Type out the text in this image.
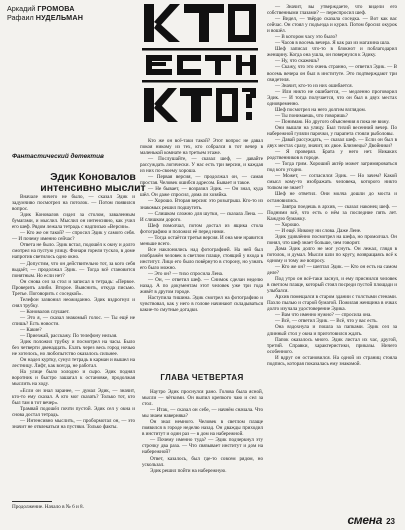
Аркадий ГРОМОВА
Рафаил НУДЕЛЬМАН
Фантастический детектив
Эдик Коновалов
интенсивно мыслит

Вначале ничего не было, — сказал Эдик и задумчиво посмотрел на потолок. — Потом появился вопрос.

Эдик Коновалов сидел за столом, заваленным бумагами, и мыслил. Мыслил он интенсивно, как учил его шеф. Рядом лежала тетрадь с надписью «Версии».

— Кто же он такой? — спросил Эдик у самого себя. — И почему именно сейчас?

Ответа не было. Эдик встал, подошёл к окну и долго смотрел на пустую улицу. Фонари горели тускло, в доме напротив светилось одно окно.

— Допустим, что он действительно тот, за кого себя выдаёт, — продолжал Эдик. — Тогда всё становится понятным. Но если нет?

Он снова сел за стол и записал в тетрадь: «Первое. Проверить алиби. Второе. Выяснить, откуда письмо. Третье. Поговорить с соседкой».

Телефон зазвонил неожиданно. Эдик вздрогнул и снял трубку.

— Коновалов слушает.

— Это я, — сказал знакомый голос. — Ты ещё не спишь? Есть новости.

— Какие?

— Приезжай, расскажу. По телефону нельзя.

Эдик положил трубку и посмотрел на часы. Было без четверти двенадцать. Ехать через весь город ночью не хотелось, но любопытство оказалось сильнее.

Он надел куртку, сунул тетрадь в карман и вышел на лестницу. Лифт, как всегда, не работал.

На улице было холодно и сыро. Эдик поднял воротник и быстро зашагал к остановке, продолжая мыслить на ходу.

«Если он знал заранее, — думал Эдик, — значит, кто-то ему сказал. А кто мог сказать? Только тот, кто был там в тот вечер».

Трамвай подошёл почти пустой. Эдик сел у окна и снова достал тетрадь.

— Интенсивно мыслить, — пробормотал он, — это значит не отвлекаться на пустяки. Только факты.

Кто же он всё-таки такой? Этот вопрос не давал покоя никому из тех, кто собрался в тот вечер в маленькой комнате на третьем этаже.

— Послушайте, — сказал шеф, — давайте рассуждать логически. У нас есть три версии, и каждая из них по-своему хороша.

— Первая версия, — продолжал он, — самая простая. Человек ошибся адресом. Бывает и такое.

— Не бывает, — возразил Эдик. — Он знал, куда шёл. Он даже спросил, дома ли хозяйка.

— Хорошо. Вторая версия: это розыгрыш. Кто-то из знакомых решил подшутить.

— Слишком сложно для шутки, — сказала Лена. — И слишком дорого.

Шеф помолчал, потом достал из ящика стола фотографию и положил её перед ними.

— Тогда остаётся третья версия. И она мне нравится меньше всего.

Все наклонились над фотографией. На ней был изображён человек в светлом плаще, стоящий у входа в институт. Лицо его было повёрнуто в сторону, но узнать его было можно.

— Это он? — тихо спросила Лена.

— Он, — ответил шеф. — Снимок сделан неделю назад. А по документам этот человек уже три года живёт в другом городе.

Наступила тишина. Эдик смотрел на фотографию и чувствовал, как у него в голове начинают складываться какие-то смутные догадки.

ГЛАВА ЧЕТВЕРТАЯ

Наутро Эдик проснулся рано. Голова была ясной, мысли — чёткими. Он выпил крепкого чаю и сел за стол.

— Итак, — сказал он себе, — начнём сначала. Что мы знаем наверняка?

Он знал немного. Человек в светлом плаще появился в городе неделю назад. Он дважды приходил в институт и один раз — в дом на набережной.

— Почему именно туда? — Эдик подчеркнул эту строчку два раза. — Что связывает институт и дом на набережной?

Ответ, казалось, был где-то совсем рядом, но ускользал.

Эдик решил пойти на набережную.

— Значит, вы утверждаете, что видели его собственными глазами? — переспросил шеф.

— Видел, — твёрдо сказала соседка. — Вот как вас сейчас. Он стоял у подъезда и курил. Потом бросил окурок и вошёл.

— В котором часу это было?

— Часов в восемь вечера. Я как раз из магазина шла.

Шеф записал что-то в блокнот и поблагодарил женщину. Когда она ушла, он повернулся к Эдику.

— Ну, что скажешь?

— Скажу, что это очень странно, — ответил Эдик. — В восемь вечера он был в институте. Это подтверждают три свидетеля.

— Значит, кто-то из них ошибается.

— Или никто не ошибается, — медленно проговорил Эдик. — И тогда получается, что он был в двух местах одновременно.

Шеф посмотрел на него долгим взглядом.

— Ты понимаешь, что говоришь?

— Понимаю. Но другого объяснения я пока не вижу.

Они вышли на улицу. Был тихий весенний вечер. По набережной гуляли парочки, у парапета стояли рыболовы.

— Давай рассуждать, — сказал шеф. — Если он был в двух местах сразу, значит, их двое. Близнецы? Двойники?

— Я проверял. Брата у него нет. Никаких родственников в городе.

— Тогда грим. Хороший актёр может загримироваться под кого угодно.

— Может, — согласился Эдик. — Но зачем? Какой смысл кому-то изображать человека, которого никто толком не знает?

Шеф не ответил. Они молча дошли до моста и остановились.

— Завтра поедешь в архив, — сказал наконец шеф. — Подними всё, что есть о нём за последние пять лет. Каждую бумажку.

— Хорошо.

— И ещё. Никому ни слова. Даже Лене.

Эдик удивлённо посмотрел на шефа, но промолчал. Он понял, что шеф знает больше, чем говорит.

Дома Эдик долго не мог уснуть. Он лежал, глядя в потолок, и думал. Мысли шли по кругу, возвращаясь всё к одному и тому же вопросу.

— Кто же он? — шептал Эдик. — Кто он есть на самом деле?

Под утро он всё-таки заснул, и ему приснился человек в светлом плаще, который стоял посреди пустой площади и улыбался.

Архив помещался в старом здании с толстыми стенами. Пахло пылью и старой бумагой. Пожилая женщина в очках долго изучала удостоверение Эдика.

— Вам что именно нужно? — спросила она.

— Всё, — ответил Эдик. — Всё, что у вас есть.

Она вздохнула и пошла за папками. Эдик сел за длинный стол у окна и приготовился ждать.

Папок оказалось много. Эдик листал их час, другой, третий. Справки, характеристики, приказы. Ничего особенного.

И вдруг он остановился. На одной из страниц стояла подпись, которая показалась ему знакомой.

Продолжение. Начало в № 6 и 8.
смена 23
